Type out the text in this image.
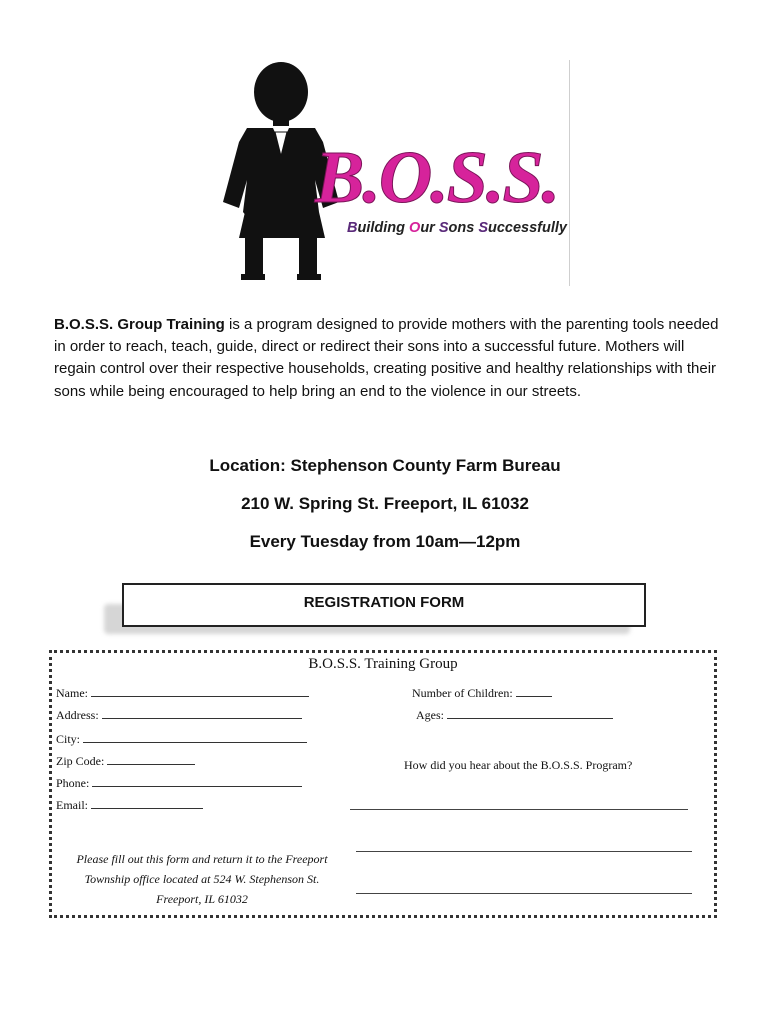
B.O.S.S.
Building Our Sons Successfully
B.O.S.S. Group Training is a program designed to provide mothers with the parenting tools needed in order to reach, teach, guide, direct or redirect their sons into a successful future. Mothers will regain control over their respective households, creating positive and healthy relationships with their sons while being encouraged to help bring an end to the violence in our streets.
Location: Stephenson County Farm Bureau
210 W. Spring St. Freeport, IL 61032
Every Tuesday from 10am—12pm
REGISTRATION FORM
B.O.S.S. Training Group
Name:
Address:
City:
Zip Code:
Phone:
Email:
Number of Children:
Ages:
How did you hear about the B.O.S.S. Program?
Please fill out this form and return it to the Freeport
Township office located at 524 W. Stephenson St.
Freeport, IL 61032
